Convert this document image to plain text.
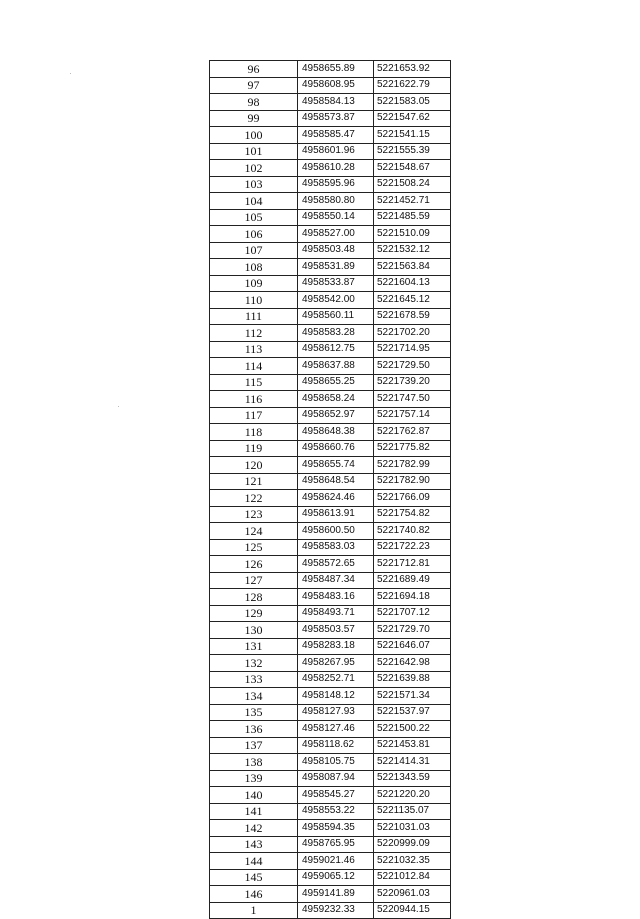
96	4958655.89	5221653.92
97	4958608.95	5221622.79
98	4958584.13	5221583.05
99	4958573.87	5221547.62
100	4958585.47	5221541.15
101	4958601.96	5221555.39
102	4958610.28	5221548.67
103	4958595.96	5221508.24
104	4958580.80	5221452.71
105	4958550.14	5221485.59
106	4958527.00	5221510.09
107	4958503.48	5221532.12
108	4958531.89	5221563.84
109	4958533.87	5221604.13
110	4958542.00	5221645.12
111	4958560.11	5221678.59
112	4958583.28	5221702.20
113	4958612.75	5221714.95
114	4958637.88	5221729.50
115	4958655.25	5221739.20
116	4958658.24	5221747.50
117	4958652.97	5221757.14
118	4958648.38	5221762.87
119	4958660.76	5221775.82
120	4958655.74	5221782.99
121	4958648.54	5221782.90
122	4958624.46	5221766.09
123	4958613.91	5221754.82
124	4958600.50	5221740.82
125	4958583.03	5221722.23
126	4958572.65	5221712.81
127	4958487.34	5221689.49
128	4958483.16	5221694.18
129	4958493.71	5221707.12
130	4958503.57	5221729.70
131	4958283.18	5221646.07
132	4958267.95	5221642.98
133	4958252.71	5221639.88
134	4958148.12	5221571.34
135	4958127.93	5221537.97
136	4958127.46	5221500.22
137	4958118.62	5221453.81
138	4958105.75	5221414.31
139	4958087.94	5221343.59
140	4958545.27	5221220.20
141	4958553.22	5221135.07
142	4958594.35	5221031.03
143	4958765.95	5220999.09
144	4959021.46	5221032.35
145	4959065.12	5221012.84
146	4959141.89	5220961.03
1	4959232.33	5220944.15
